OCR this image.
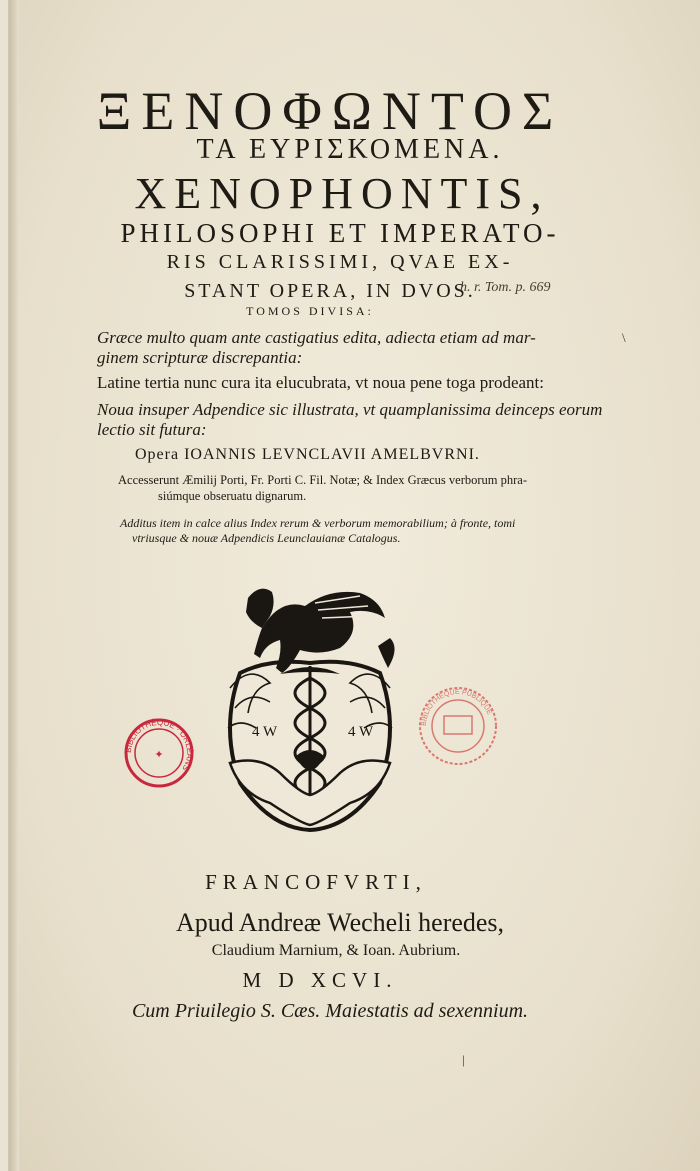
ΞΕΝΟΦΩΝΤΟΣ
ΤΑ ΕΥΡΙΣΚΟΜΕΝΑ.
XENOPHONTIS,
PHILOSOPHI ET IMPERATO-
RIS CLARISSIMI, QVAE EX-
STANT OPERA, IN DVOS.
h. r. Tom. p. 669
TOMOS DIVISA:
Græce multo quam ante castigatius edita, adiecta etiam ad mar-
ginem scripturæ discrepantia:
Latine tertia nunc cura ita elucubrata, vt noua pene toga prodeant:
Noua insuper Adpendice sic illustrata, vt quamplanissima deinceps eorum
lectio sit futura:
Opera IOANNIS LEVNCLAVII AMELBVRNI.
Accesserunt Æmilij Porti, Fr. Porti C. Fil. Notæ; & Index Græcus verborum phra-
siúmque obseruatu dignarum.
Additus item in calce alius Index rerum & verborum memorabilium; à fronte, tomi
vtriusque & nouæ Adpendicis Leunclauianæ Catalogus.
4 W	4 W
BIBLIOTHÈQUE · ORLÉANS
✦
BIBLIOTHÈQUE PUBLIQUE
FRANCOFVRTI,
Apud Andreæ Wecheli heredes,
Claudium Marnium, & Ioan. Aubrium.
M D XCVI.
Cum Priuilegio S. Cæs. Maiestatis ad sexennium.
\
|
